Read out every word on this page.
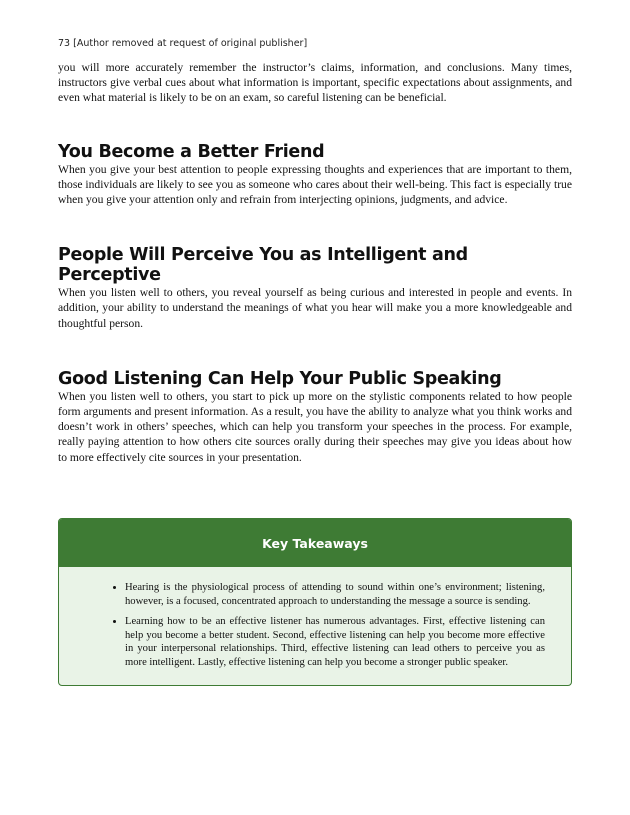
73 [Author removed at request of original publisher]

you will more accurately remember the instructor’s claims, information, and conclusions. Many times, instructors give verbal cues about what information is important, specific expectations about assignments, and even what material is likely to be on an exam, so careful listening can be beneficial.

You Become a Better Friend

When you give your best attention to people expressing thoughts and experiences that are important to them, those individuals are likely to see you as someone who cares about their well-being. This fact is especially true when you give your attention only and refrain from interjecting opinions, judgments, and advice.

People Will Perceive You as Intelligent and Perceptive

When you listen well to others, you reveal yourself as being curious and interested in people and events. In addition, your ability to understand the meanings of what you hear will make you a more knowledgeable and thoughtful person.

Good Listening Can Help Your Public Speaking

When you listen well to others, you start to pick up more on the stylistic components related to how people form arguments and present information. As a result, you have the ability to analyze what you think works and doesn’t work in others’ speeches, which can help you transform your speeches in the process. For example, really paying attention to how others cite sources orally during their speeches may give you ideas about how to more effectively cite sources in your presentation.

Key Takeaways
• Hearing is the physiological process of attending to sound within one’s environment; listening, however, is a focused, concentrated approach to understanding the message a source is sending.
• Learning how to be an effective listener has numerous advantages. First, effective listening can help you become a better student. Second, effective listening can help you become more effective in your interpersonal relationships. Third, effective listening can lead others to perceive you as more intelligent. Lastly, effective listening can help you become a stronger public speaker.
